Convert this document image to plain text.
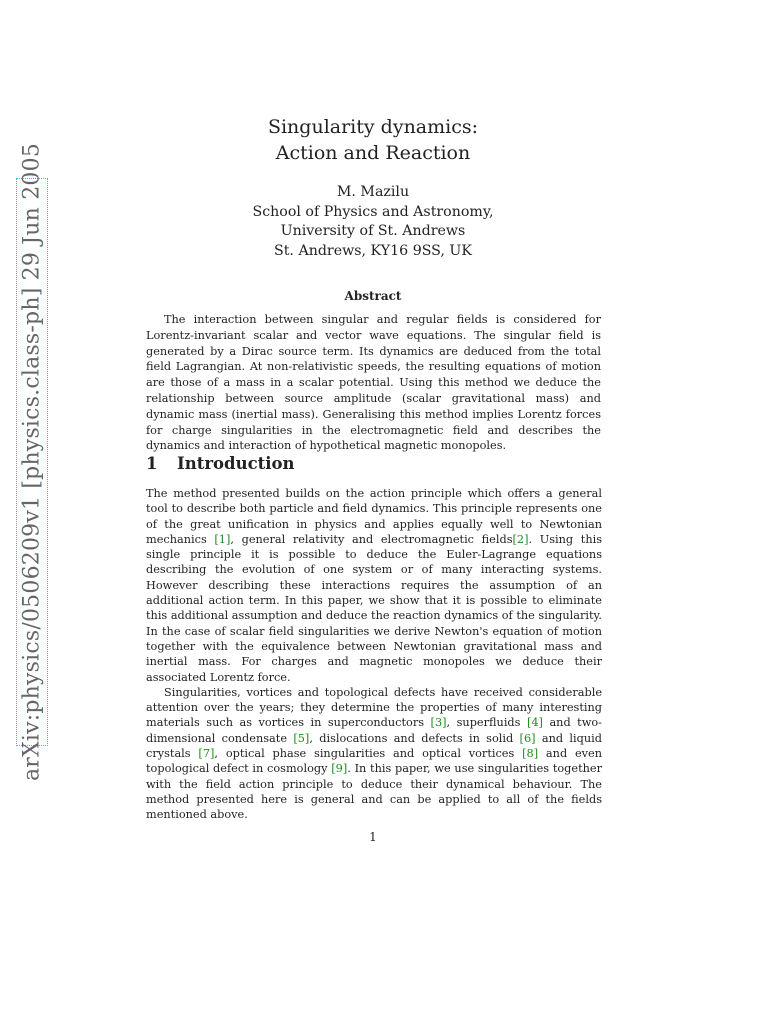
arXiv:physics/0506209v1 [physics.class-ph] 29 Jun 2005
Singularity dynamics:
Action and Reaction
M. Mazilu
School of Physics and Astronomy,
University of St. Andrews
St. Andrews, KY16 9SS, UK
Abstract

The interaction between singular and regular fields is considered for Lorentz-invariant scalar and vector wave equations. The singular field is generated by a Dirac source term. Its dynamics are deduced from the total field Lagrangian. At non-relativistic speeds, the resulting equations of motion are those of a mass in a scalar potential. Using this method we deduce the relationship between source amplitude (scalar gravitational mass) and dynamic mass (inertial mass). Generalising this method implies Lorentz forces for charge singularities in the electromagnetic field and describes the dynamics and interaction of hypothetical magnetic monopoles.

1 Introduction

The method presented builds on the action principle which offers a general tool to describe both particle and field dynamics. This principle represents one of the great unification in physics and applies equally well to Newtonian mechanics [1], general relativity and electromagnetic fields[2]. Using this single principle it is possible to deduce the Euler-Lagrange equations describing the evolution of one system or of many interacting systems. However describing these interactions requires the assumption of an additional action term. In this paper, we show that it is possible to eliminate this additional assumption and deduce the reaction dynamics of the singularity. In the case of scalar field singularities we derive Newton's equation of motion together with the equivalence between Newtonian gravitational mass and inertial mass. For charges and magnetic monopoles we deduce their associated Lorentz force.

Singularities, vortices and topological defects have received considerable attention over the years; they determine the properties of many interesting materials such as vortices in superconductors [3], superfluids [4] and two-dimensional condensate [5], dislocations and defects in solid [6] and liquid crystals [7], optical phase singularities and optical vortices [8] and even topological defect in cosmology [9]. In this paper, we use singularities together with the field action principle to deduce their dynamical behaviour. The method presented here is general and can be applied to all of the fields mentioned above.

1
